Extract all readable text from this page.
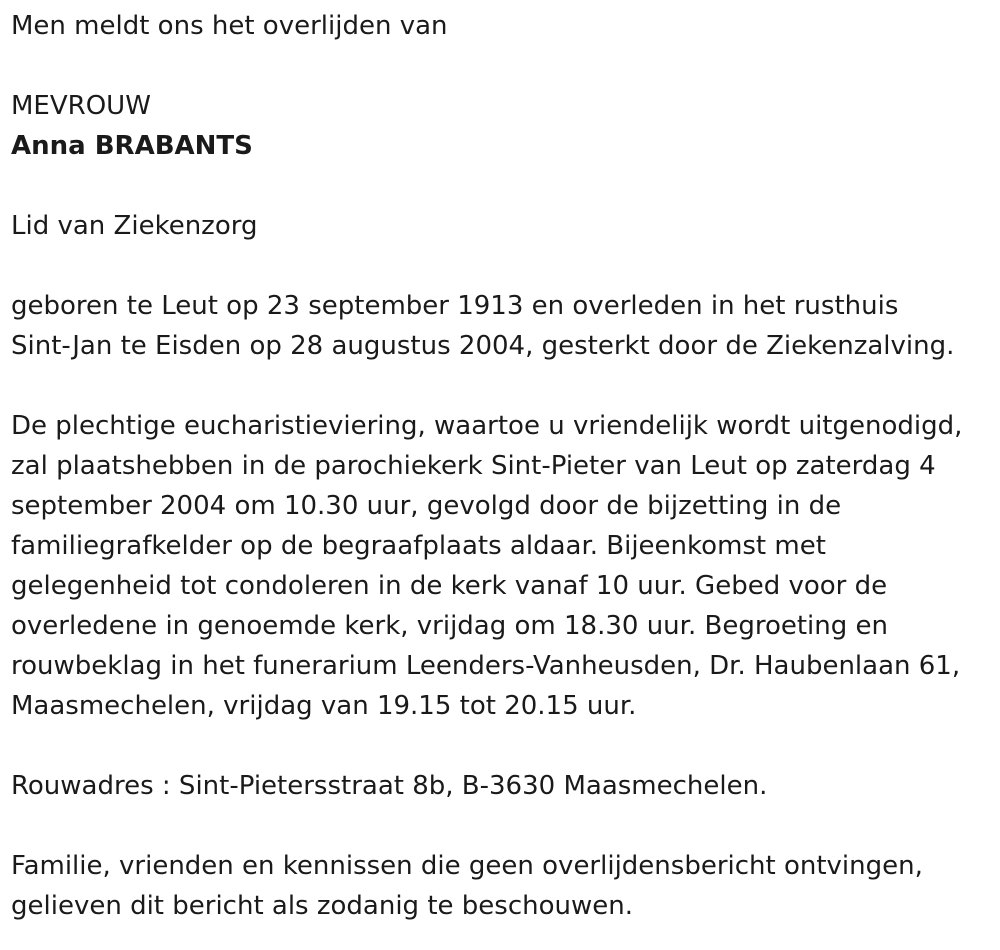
Men meldt ons het overlijden van
MEVROUW
Anna BRABANTS
Lid van Ziekenzorg
geboren te Leut op 23 september 1913 en overleden in het rusthuis
Sint-Jan te Eisden op 28 augustus 2004, gesterkt door de Ziekenzalving.
De plechtige eucharistieviering, waartoe u vriendelijk wordt uitgenodigd,
zal plaatshebben in de parochiekerk Sint-Pieter van Leut op zaterdag 4
september 2004 om 10.30 uur, gevolgd door de bijzetting in de
familiegrafkelder op de begraafplaats aldaar. Bijeenkomst met
gelegenheid tot condoleren in de kerk vanaf 10 uur. Gebed voor de
overledene in genoemde kerk, vrijdag om 18.30 uur. Begroeting en
rouwbeklag in het funerarium Leenders-Vanheusden, Dr. Haubenlaan 61,
Maasmechelen, vrijdag van 19.15 tot 20.15 uur.
Rouwadres : Sint-Pietersstraat 8b, B-3630 Maasmechelen.
Familie, vrienden en kennissen die geen overlijdensbericht ontvingen,
gelieven dit bericht als zodanig te beschouwen.
